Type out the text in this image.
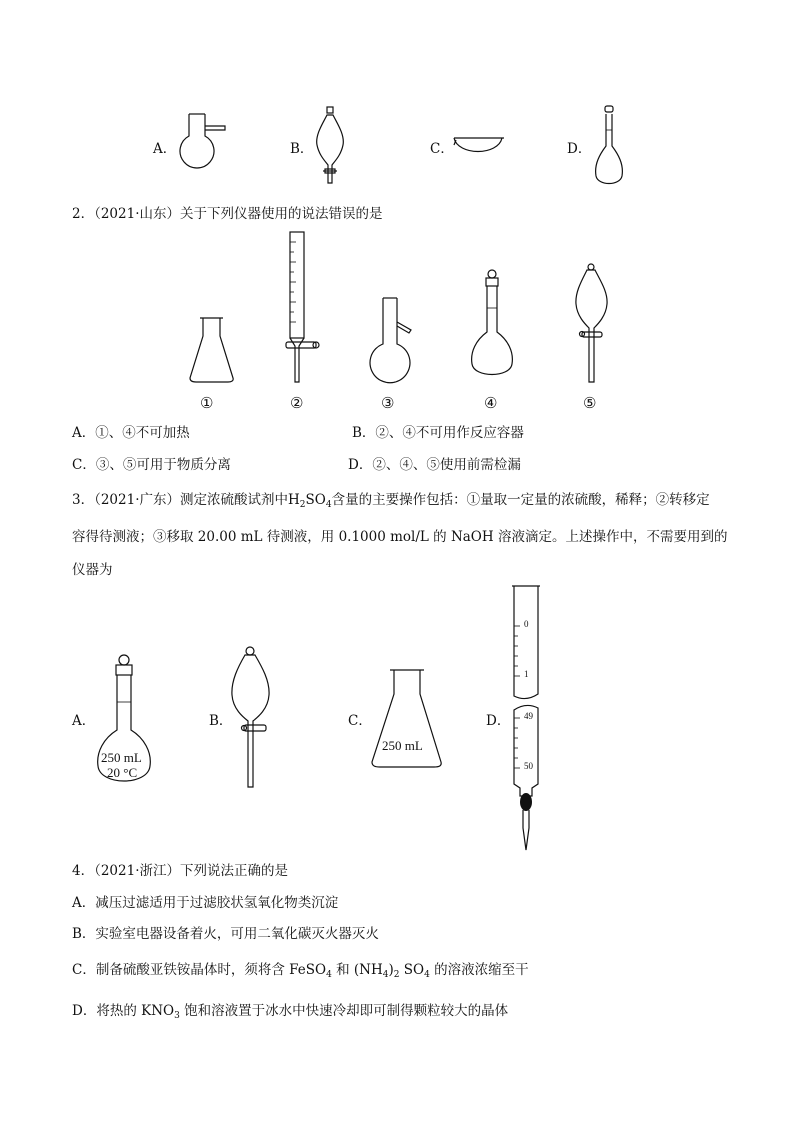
A．	B．	C．	D．
2．（2021·山东）关于下列仪器使用的说法错误的是
①	②	③	④	⑤
A．①、④不可加热	B．②、④不可用作反应容器
C．③、⑤可用于物质分离	D．②、④、⑤使用前需检漏
3．（2021·广东）测定浓硫酸试剂中$H_2SO_4$含量的主要操作包括：①量取一定量的浓硫酸，稀释；②转移定
容得待测液；③移取 20.00 mL 待测液，用 0.1000 mol/L 的 NaOH 溶液滴定。上述操作中，不需要用到的
仪器为
A．	B．	C．	D．
250 mL
20 °C
250 mL
0
1
49
50
4．（2021·浙江）下列说法正确的是
A．减压过滤适用于过滤胶状氢氧化物类沉淀
B．实验室电器设备着火，可用二氧化碳灭火器灭火
C．制备硫酸亚铁铵晶体时，须将含 FeSO$_4$ 和 $(NH_4)_2$ $SO_4$ 的溶液浓缩至干
D．将热的 $KNO_3$ 饱和溶液置于冰水中快速冷却即可制得颗粒较大的晶体
